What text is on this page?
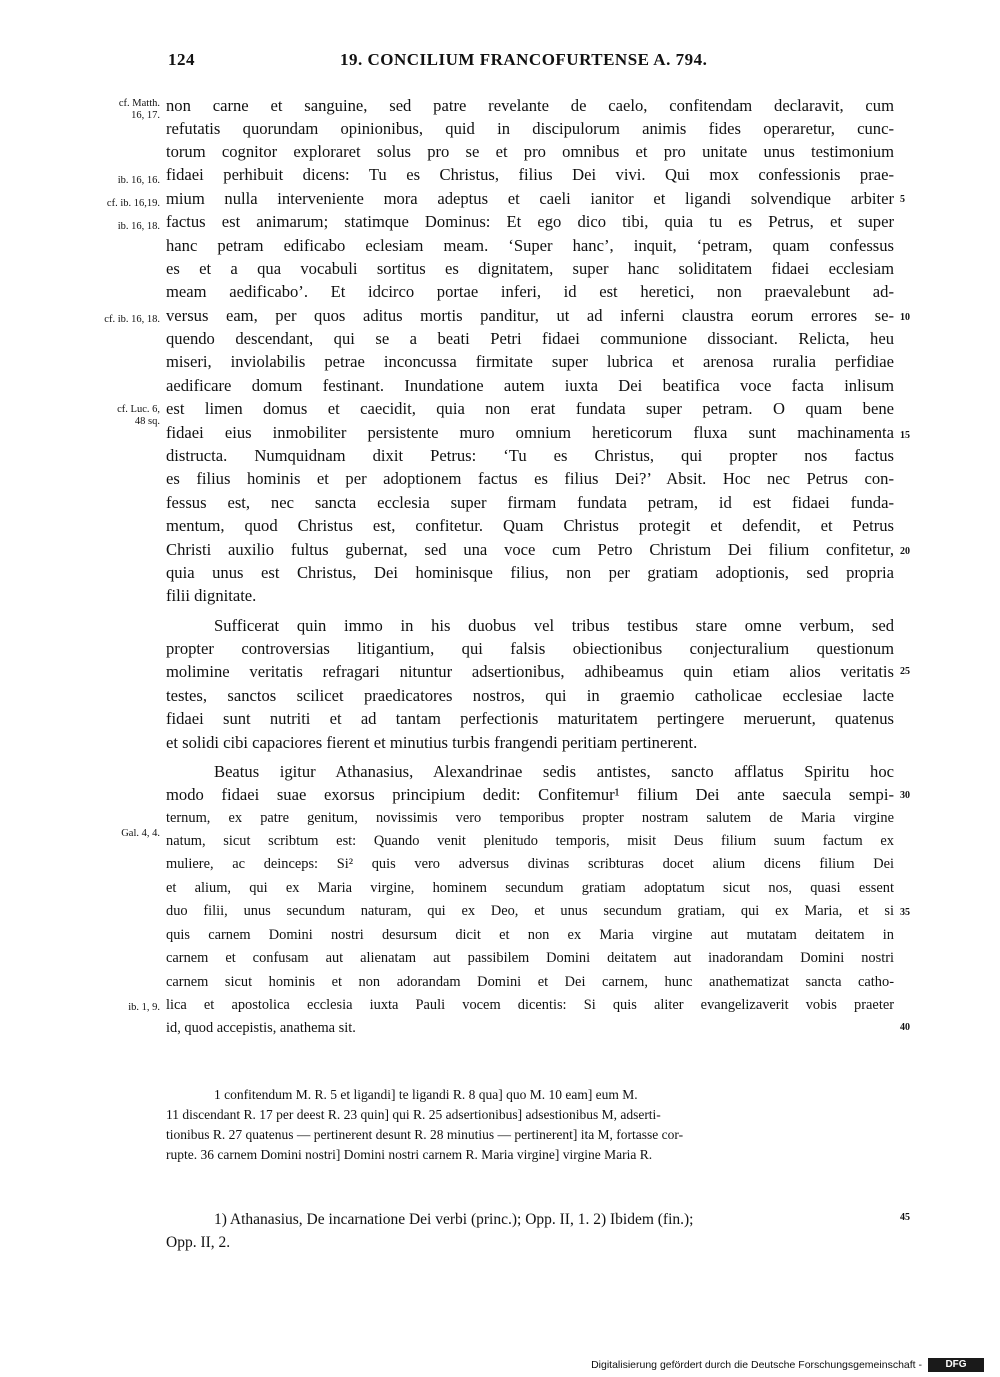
124	19. CONCILIUM FRANCOFURTENSE A. 794.
cf. Matth.
16, 17.
ib. 16, 16.
cf. ib. 16,19.
ib. 16, 18.
cf. ib. 16, 18.
cf. Luc. 6,
48 sq.
Gal. 4, 4.
ib. 1, 9.
5
10
15
20
25
30
35
40
45
non carne et sanguine, sed patre revelante de caelo, confitendam declaravit, cum
refutatis quorundam opinionibus, quid in discipulorum animis fides operaretur, cunc-
torum cognitor exploraret solus pro se et pro omnibus et pro unitate unus testimonium
fidaei perhibuit dicens: Tu es Christus, filius Dei vivi. Qui mox confessionis prae-
mium nulla interveniente mora adeptus et caeli ianitor et ligandi solvendique arbiter
factus est animarum; statimque Dominus: Et ego dico tibi, quia tu es Petrus, et super
hanc petram edificabo eclesiam meam. ‘Super hanc’, inquit, ‘petram, quam confessus
es et a qua vocabuli sortitus es dignitatem, super hanc soliditatem fidaei ecclesiam
meam aedificabo’. Et idcirco portae inferi, id est heretici, non praevalebunt ad-
versus eam, per quos aditus mortis panditur, ut ad inferni claustra eorum errores se-
quendo descendant, qui se a beati Petri fidaei communione dissociant. Relicta, heu
miseri, inviolabilis petrae inconcussa firmitate super lubrica et arenosa ruralia perfidiae
aedificare domum festinant. Inundatione autem iuxta Dei beatifica voce facta inlisum
est limen domus et caecidit, quia non erat fundata super petram. O quam bene
fidaei eius inmobiliter persistente muro omnium hereticorum fluxa sunt machinamenta
distructa. Numquidnam dixit Petrus: ‘Tu es Christus, qui propter nos factus
es filius hominis et per adoptionem factus es filius Dei?’ Absit. Hoc nec Petrus con-
fessus est, nec sancta ecclesia super firmam fundata petram, id est fidaei funda-
mentum, quod Christus est, confitetur. Quam Christus protegit et defendit, et Petrus
Christi auxilio fultus gubernat, sed una voce cum Petro Christum Dei filium confitetur,
quia unus est Christus, Dei hominisque filius, non per gratiam adoptionis, sed propria
filii dignitate.
Sufficerat quin immo in his duobus vel tribus testibus stare omne verbum, sed
propter controversias litigantium, qui falsis obiectionibus conjecturalium questionum
molimine veritatis refragari nituntur adsertionibus, adhibeamus quin etiam alios veritatis
testes, sanctos scilicet praedicatores nostros, qui in graemio catholicae ecclesiae lacte
fidaei sunt nutriti et ad tantam perfectionis maturitatem pertingere meruerunt, quatenus
et solidi cibi capaciores fierent et minutius turbis frangendi peritiam pertinerent.
Beatus igitur Athanasius, Alexandrinae sedis antistes, sancto afflatus Spiritu hoc
modo fidaei suae exorsus principium dedit: Confitemur¹ filium Dei ante saecula sempi-
ternum, ex patre genitum, novissimis vero temporibus propter nostram salutem de Maria virgine
natum, sicut scribtum est: Quando venit plenitudo temporis, misit Deus filium suum factum ex
muliere, ac deinceps: Si² quis vero adversus divinas scribturas docet alium dicens filium Dei
et alium, qui ex Maria virgine, hominem secundum gratiam adoptatum sicut nos, quasi essent
duo filii, unus secundum naturam, qui ex Deo, et unus secundum gratiam, qui ex Maria, et si
quis carnem Domini nostri desursum dicit et non ex Maria virgine aut mutatam deitatem in
carnem et confusam aut alienatam aut passibilem Domini deitatem aut inadorandam Domini nostri
carnem sicut hominis et non adorandam Domini et Dei carnem, hunc anathematizat sancta catho-
lica et apostolica ecclesia iuxta Pauli vocem dicentis: Si quis aliter evangelizaverit vobis praeter
id, quod accepistis, anathema sit.
1 confitendum M. R. 5 et ligandi] te ligandi R. 8 qua] quo M. 10 eam] eum M.
11 discendant R. 17 per deest R. 23 quin] qui R. 25 adsertionibus] adsestionibus M, adserti-
tionibus R. 27 quatenus — pertinerent desunt R. 28 minutius — pertinerent] ita M, fortasse cor-
rupte. 36 carnem Domini nostri] Domini nostri carnem R. Maria virgine] virgine Maria R.
1) Athanasius, De incarnatione Dei verbi (princ.); Opp. II, 1. 2) Ibidem (fin.);
Opp. II, 2.
Digitalisierung gefördert durch die Deutsche Forschungsgemeinschaft -	DFG
